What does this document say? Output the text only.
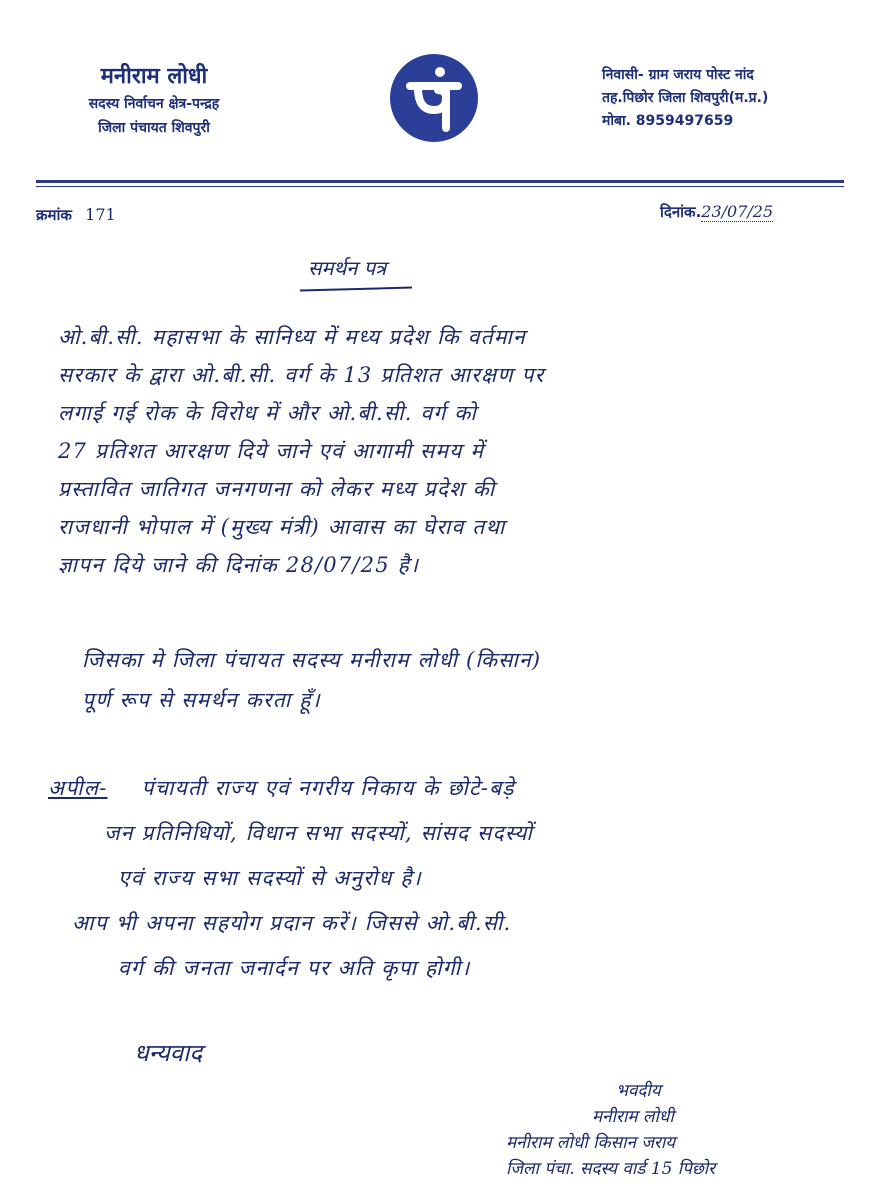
मनीराम लोधी
सदस्य निर्वाचन क्षेत्र-पन्द्रह
जिला पंचायत शिवपुरी
निवासी- ग्राम जराय पोस्ट नांद
तह.पिछोर जिला शिवपुरी(म.प्र.)
मोबा. 8959497659
क्रमांक 171	दिनांक.23/07/25
समर्थन पत्र
ओ.बी.सी. महासभा के सानिध्य में मध्य प्रदेश कि वर्तमान
सरकार के द्वारा ओ.बी.सी. वर्ग के 13 प्रतिशत आरक्षण पर
लगाई गई रोक के विरोध में और ओ.बी.सी. वर्ग को
27 प्रतिशत आरक्षण दिये जाने एवं आगामी समय में
प्रस्तावित जातिगत जनगणना को लेकर मध्य प्रदेश की
राजधानी भोपाल में (मुख्य मंत्री) आवास का घेराव तथा
ज्ञापन दिये जाने की दिनांक 28/07/25 है।
जिसका मे जिला पंचायत सदस्य मनीराम लोधी (किसान)
पूर्ण रूप से समर्थन करता हूँ।
अपील- पंचायती राज्य एवं नगरीय निकाय के छोटे-बड़े
जन प्रतिनिधियों, विधान सभा सदस्यों, सांसद सदस्यों
एवं राज्य सभा सदस्यों से अनुरोध है।
आप भी अपना सहयोग प्रदान करें। जिससे ओ.बी.सी.
वर्ग की जनता जनार्दन पर अति कृपा होगी।
धन्यवाद
भवदीय
मनीराम लोधी
मनीराम लोधी किसान जराय
जिला पंचा. सदस्य वार्ड 15 पिछोर
